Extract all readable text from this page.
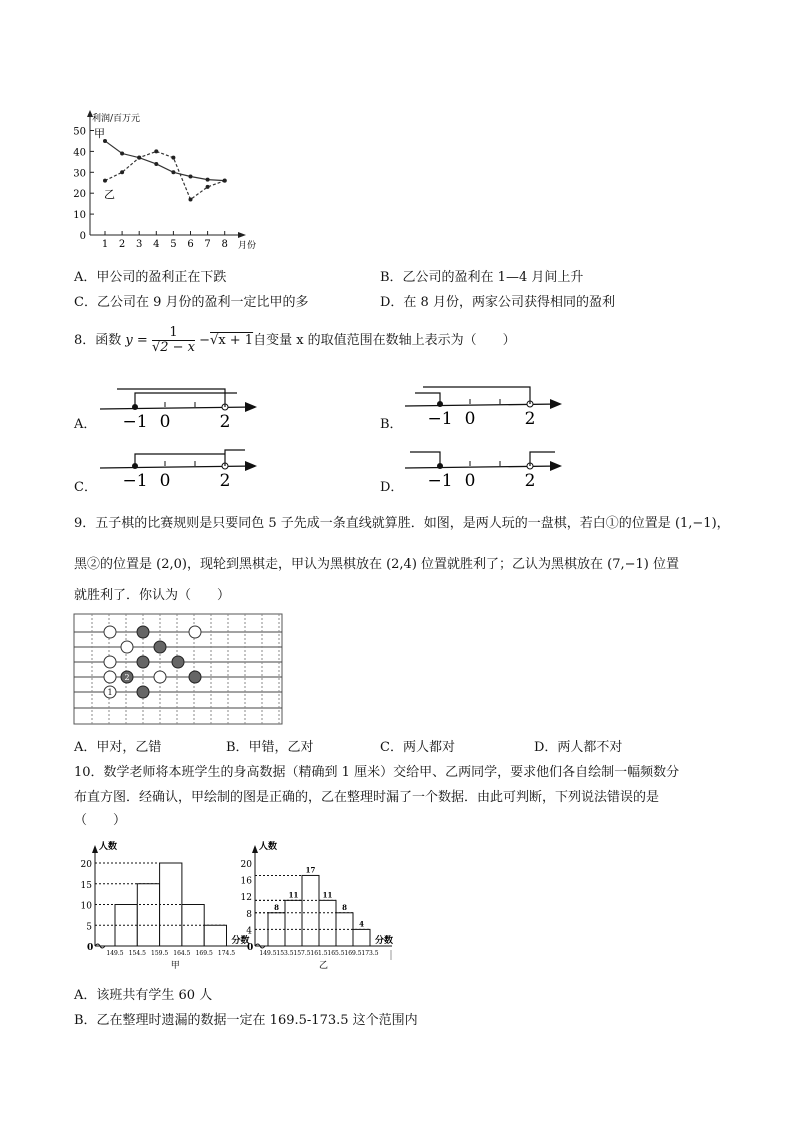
利润/百万元
月份
0
10
20
30
40
50
1 2 3 4 5 6 7 8
甲
乙
A．甲公司的盈利正在下跌	B．乙公司的盈利在 1—4 月间上升
C．乙公司在 9 月份的盈利一定比甲的多	D．在 8 月份，两家公司获得相同的盈利
8．函数 $y = \frac{1}{√2 - x} -√x + 1$自变量 x 的取值范围在数轴上表示为（　　）
A．	B．
C．	D．
−1 0	2	−1 0	2
−1 0	2	−1 0	2
9．五子棋的比赛规则是只要同色 5 子先成一条直线就算胜．如图，是两人玩的一盘棋，若白①的位置是 (1,−1)，
黑②的位置是 (2,0)，现轮到黑棋走，甲认为黑棋放在 (2,4) 位置就胜利了；乙认为黑棋放在 (7,−1) 位置
就胜利了．你认为（　　）
1
2
A．甲对，乙错	B．甲错，乙对	C．两人都对	D．两人都不对
10．数学老师将本班学生的身高数据（精确到 1 厘米）交给甲、乙两同学，要求他们各自绘制一幅频数分
布直方图．经确认，甲绘制的图是正确的，乙在整理时漏了一个数据．由此可判断，下列说法错误的是
（　　）
人数
分数
0
5
10
15
20
149.5 154.5 159.5 164.5 169.5 174.5
甲
人数
分数
0
4
8
12
16
20
8
11
17
11
8
4
149.5 153.5 157.5 161.5 165.5 169.5 173.5
乙
A．该班共有学生 60 人
B．乙在整理时遗漏的数据一定在 169.5-173.5 这个范围内
